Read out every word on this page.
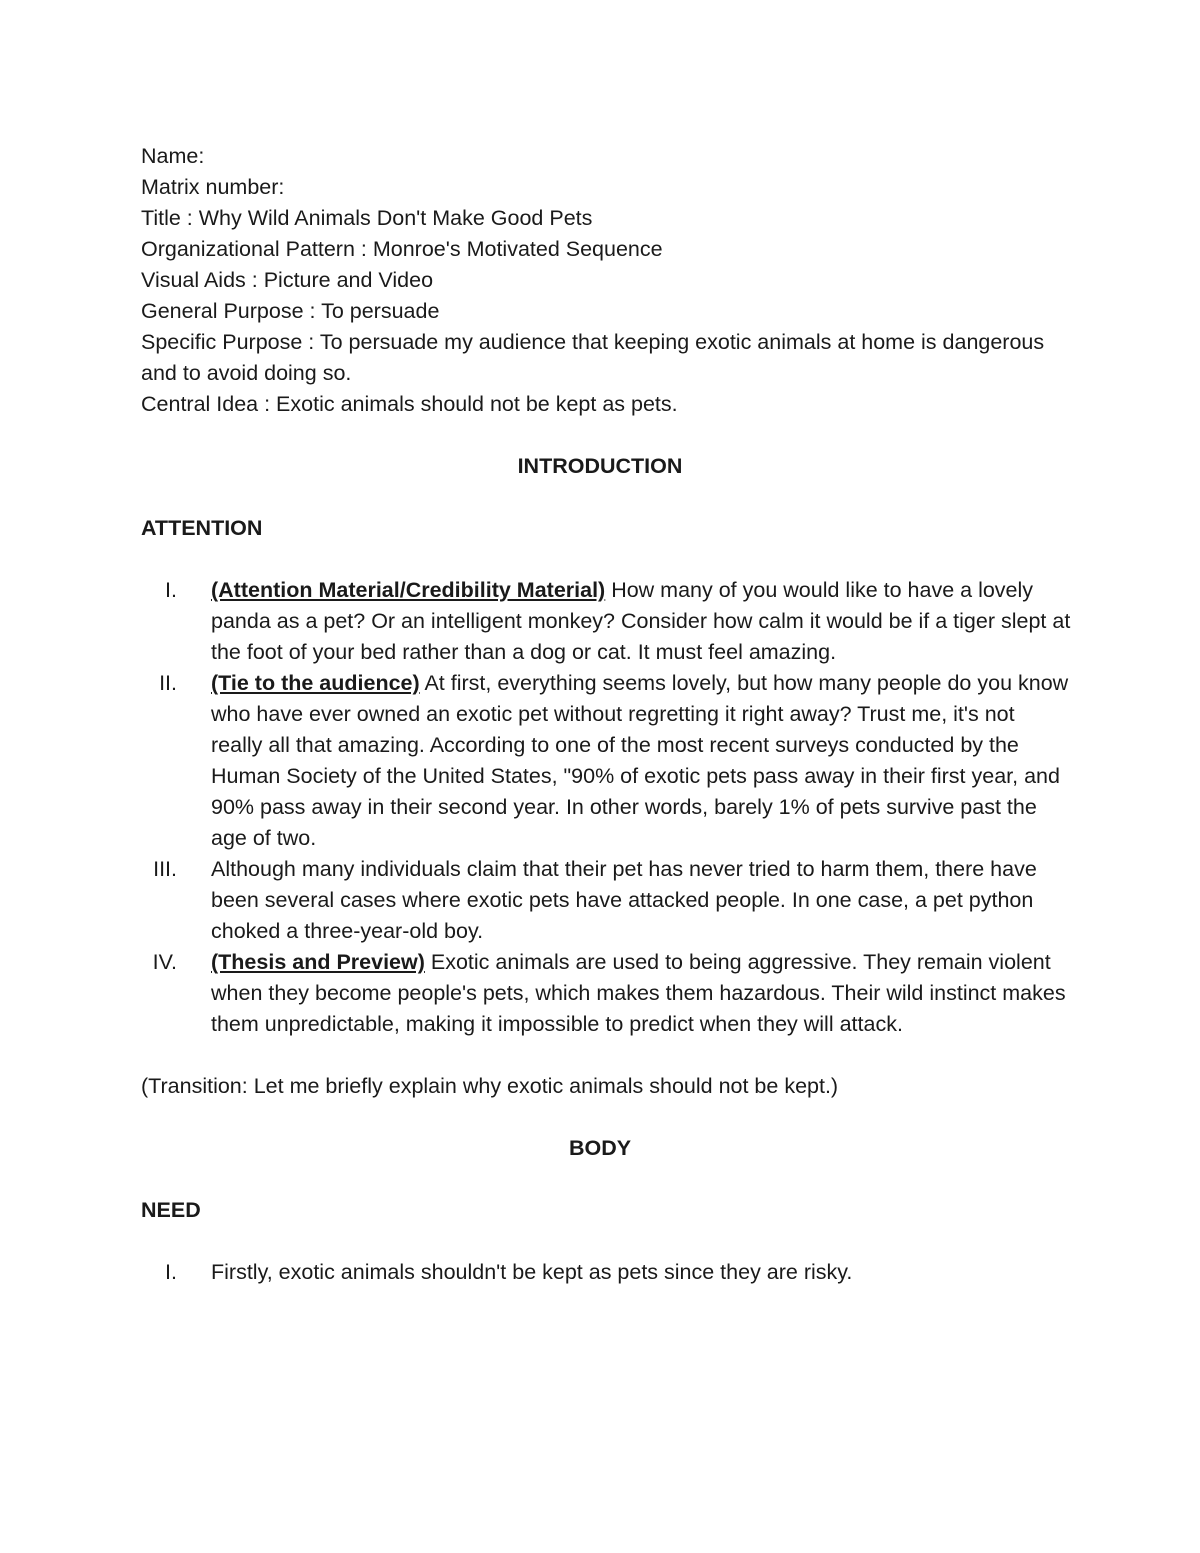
Name:

Matrix number:

Title : Why Wild Animals Don't Make Good Pets

Organizational Pattern : Monroe's Motivated Sequence

Visual Aids : Picture and Video

General Purpose : To persuade

Specific Purpose : To persuade my audience that keeping exotic animals at home is dangerous and to avoid doing so.

Central Idea : Exotic animals should not be kept as pets.

INTRODUCTION

ATTENTION

I. (Attention Material/Credibility Material) How many of you would like to have a lovely panda as a pet? Or an intelligent monkey? Consider how calm it would be if a tiger slept at the foot of your bed rather than a dog or cat. It must feel amazing.
II. (Tie to the audience) At first, everything seems lovely, but how many people do you know who have ever owned an exotic pet without regretting it right away? Trust me, it's not really all that amazing. According to one of the most recent surveys conducted by the Human Society of the United States, "90% of exotic pets pass away in their first year, and 90% pass away in their second year. In other words, barely 1% of pets survive past the age of two.
III. Although many individuals claim that their pet has never tried to harm them, there have been several cases where exotic pets have attacked people. In one case, a pet python choked a three-year-old boy.
IV. (Thesis and Preview) Exotic animals are used to being aggressive. They remain violent when they become people's pets, which makes them hazardous. Their wild instinct makes them unpredictable, making it impossible to predict when they will attack.

(Transition: Let me briefly explain why exotic animals should not be kept.)

BODY

NEED

I. Firstly, exotic animals shouldn't be kept as pets since they are risky.
